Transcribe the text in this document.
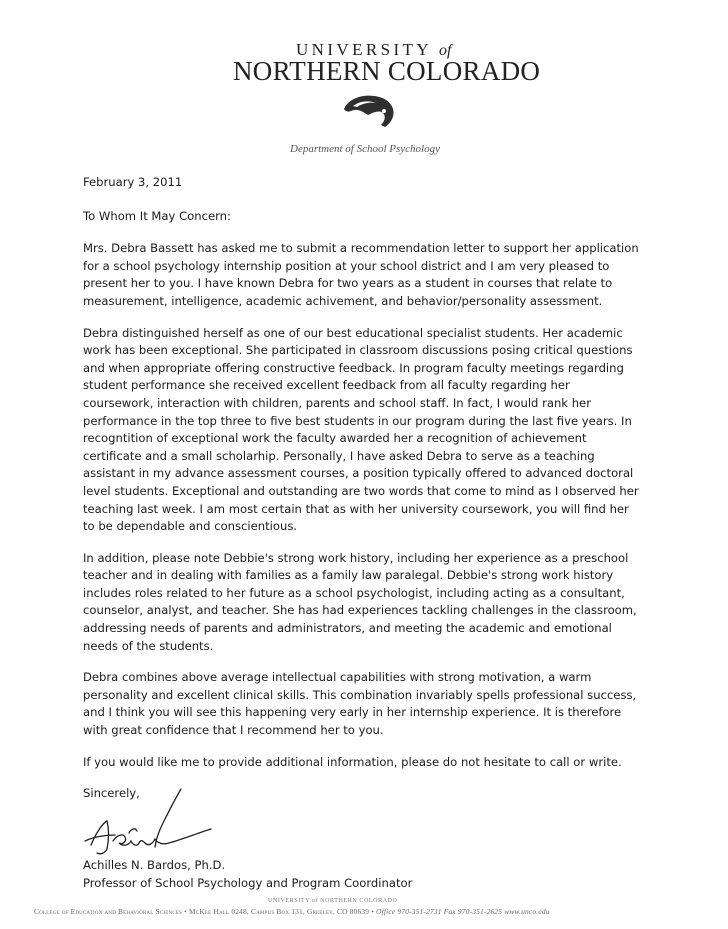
UNIVERSITY of
NORTHERN COLORADO
Department of School Psychology

February 3, 2011

To Whom It May Concern:

Mrs. Debra Bassett has asked me to submit a recommendation letter to support her application for a school psychology internship position at your school district and I am very pleased to present her to you. I have known Debra for two years as a student in courses that relate to measurement, intelligence, academic achivement, and behavior/personality assessment.

Debra distinguished herself as one of our best educational specialist students. Her academic work has been exceptional. She participated in classroom discussions posing critical questions and when appropriate offering constructive feedback. In program faculty meetings regarding student performance she received excellent feedback from all faculty regarding her coursework, interaction with children, parents and school staff. In fact, I would rank her performance in the top three to five best students in our program during the last five years. In recogntition of exceptional work the faculty awarded her a recognition of achievement certificate and a small scholarhip. Personally, I have asked Debra to serve as a teaching assistant in my advance assessment courses, a position typically offered to advanced doctoral level students. Exceptional and outstanding are two words that come to mind as I observed her teaching last week. I am most certain that as with her university coursework, you will find her to be dependable and conscientious.

In addition, please note Debbie's strong work history, including her experience as a preschool teacher and in dealing with families as a family law paralegal. Debbie's strong work history includes roles related to her future as a school psychologist, including acting as a consultant, counselor, analyst, and teacher. She has had experiences tackling challenges in the classroom, addressing needs of parents and administrators, and meeting the academic and emotional needs of the students.

Debra combines above average intellectual capabilities with strong motivation, a warm personality and excellent clinical skills. This combination invariably spells professional success, and I think you will see this happening very early in her internship experience. It is therefore with great confidence that I recommend her to you.

If you would like me to provide additional information, please do not hesitate to call or write.

Sincerely,

Achilles N. Bardos, Ph.D.
Professor of School Psychology and Program Coordinator
UNIVERSITY of NORTHERN COLORADO
College of Education and Behavioral Sciences • McKee Hall 0248, Campus Box 131, Greeley, CO 80639 • Office 970-351-2731 Fax 970-351-2625 www.unco.edu
